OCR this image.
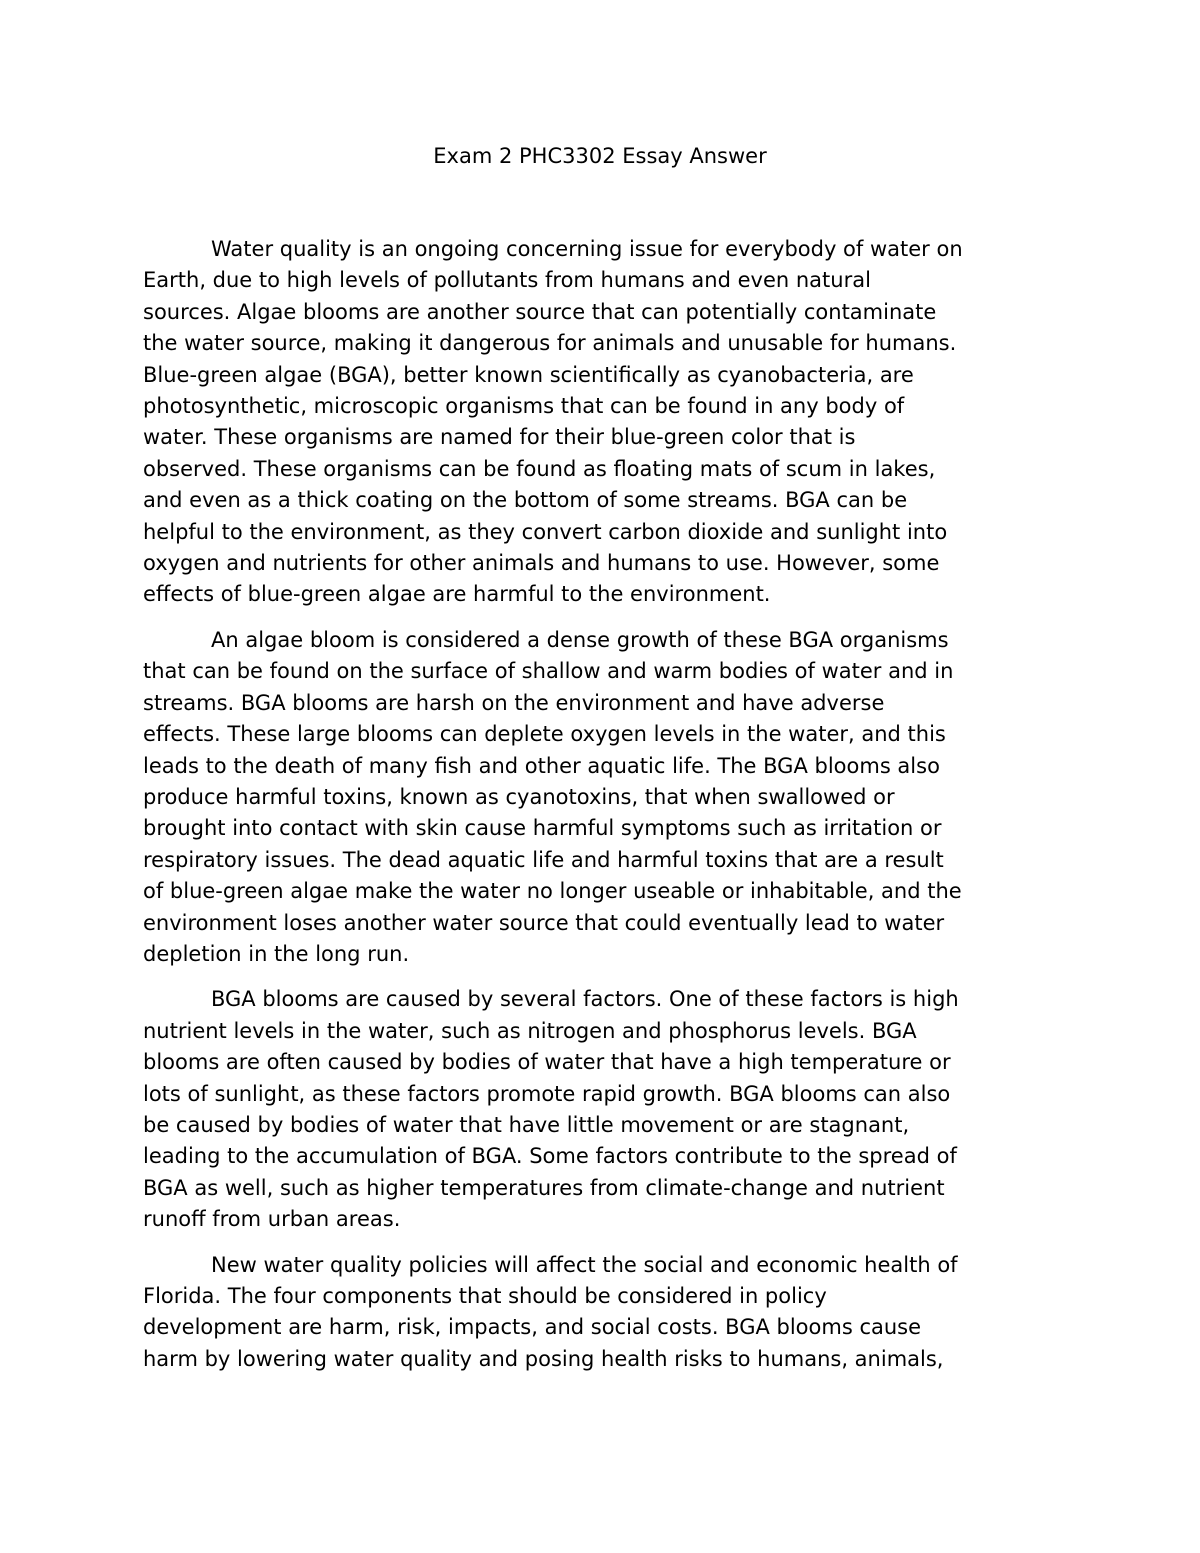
Exam 2 PHC3302 Essay Answer
Water quality is an ongoing concerning issue for everybody of water on
Earth, due to high levels of pollutants from humans and even natural
sources. Algae blooms are another source that can potentially contaminate
the water source, making it dangerous for animals and unusable for humans.
Blue-green algae (BGA), better known scientifically as cyanobacteria, are
photosynthetic, microscopic organisms that can be found in any body of
water. These organisms are named for their blue-green color that is
observed. These organisms can be found as floating mats of scum in lakes,
and even as a thick coating on the bottom of some streams. BGA can be
helpful to the environment, as they convert carbon dioxide and sunlight into
oxygen and nutrients for other animals and humans to use. However, some
effects of blue-green algae are harmful to the environment.
An algae bloom is considered a dense growth of these BGA organisms
that can be found on the surface of shallow and warm bodies of water and in
streams. BGA blooms are harsh on the environment and have adverse
effects. These large blooms can deplete oxygen levels in the water, and this
leads to the death of many fish and other aquatic life. The BGA blooms also
produce harmful toxins, known as cyanotoxins, that when swallowed or
brought into contact with skin cause harmful symptoms such as irritation or
respiratory issues. The dead aquatic life and harmful toxins that are a result
of blue-green algae make the water no longer useable or inhabitable, and the
environment loses another water source that could eventually lead to water
depletion in the long run.
BGA blooms are caused by several factors. One of these factors is high
nutrient levels in the water, such as nitrogen and phosphorus levels. BGA
blooms are often caused by bodies of water that have a high temperature or
lots of sunlight, as these factors promote rapid growth. BGA blooms can also
be caused by bodies of water that have little movement or are stagnant,
leading to the accumulation of BGA. Some factors contribute to the spread of
BGA as well, such as higher temperatures from climate-change and nutrient
runoff from urban areas.
New water quality policies will affect the social and economic health of
Florida. The four components that should be considered in policy
development are harm, risk, impacts, and social costs. BGA blooms cause
harm by lowering water quality and posing health risks to humans, animals,
